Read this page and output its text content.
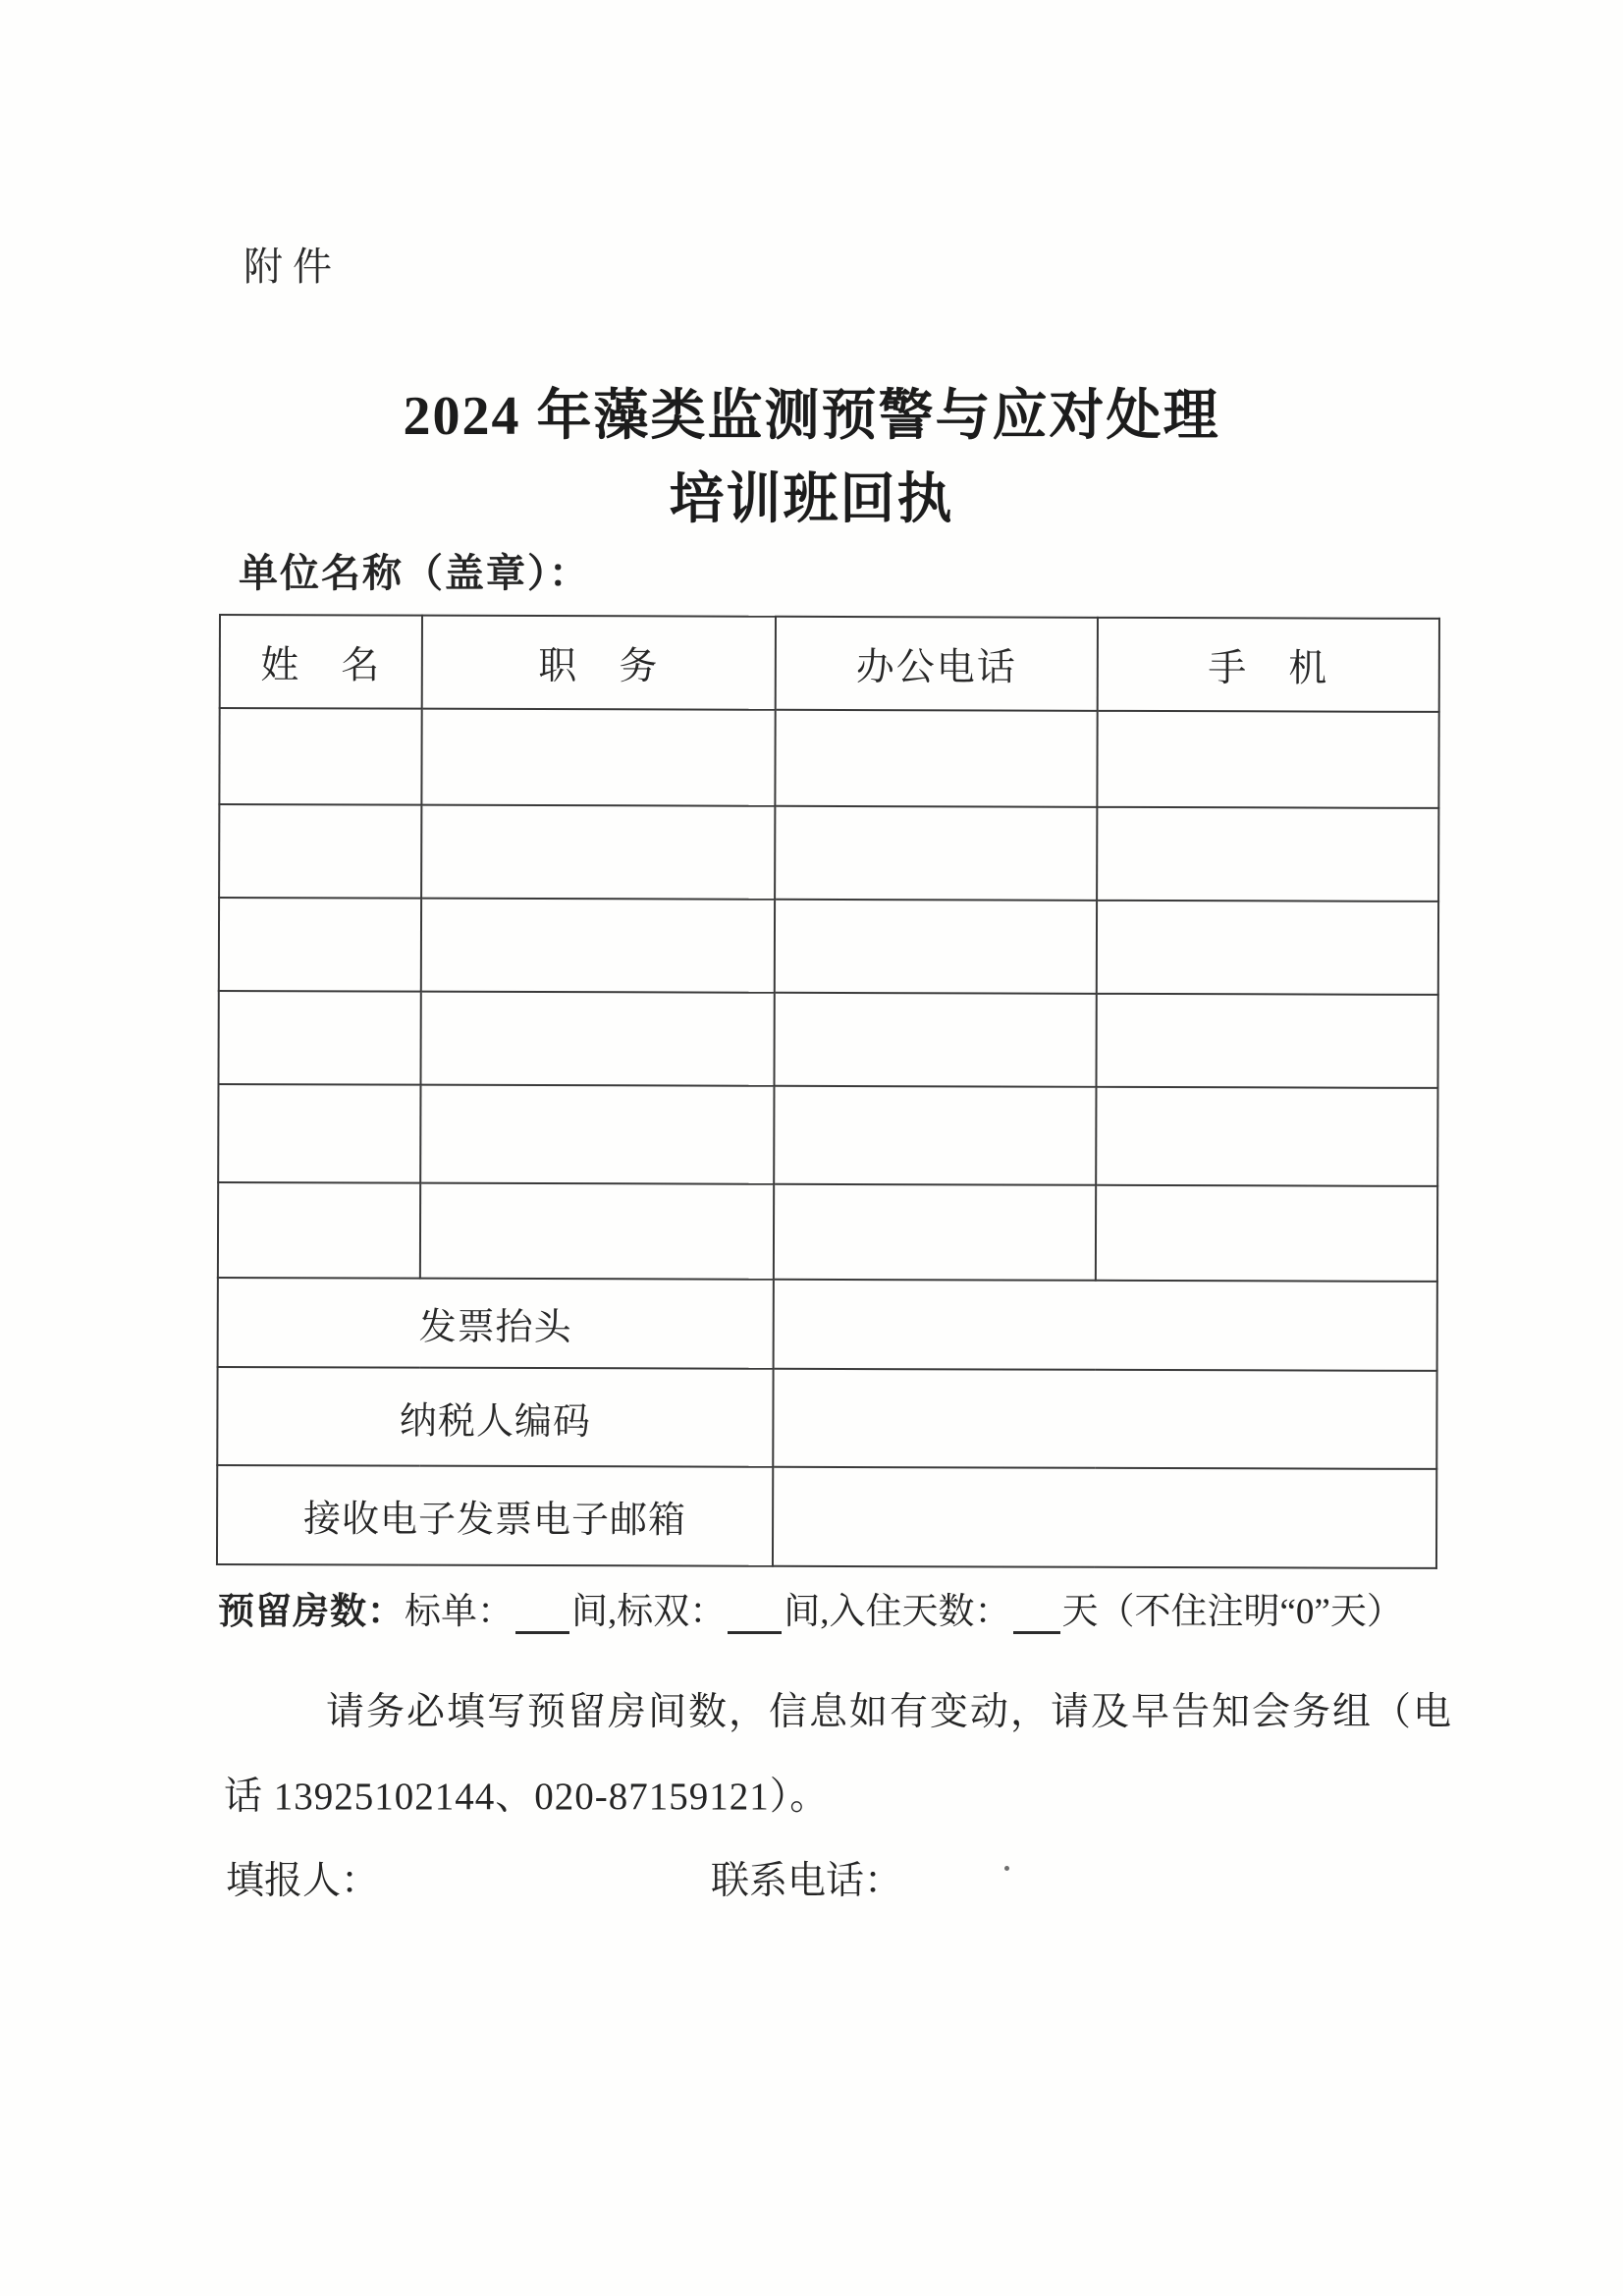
附件
2024 年藻类监测预警与应对处理
培训班回执
单位名称（盖章）：
姓　名	职　务	办公电话	手　机

发票抬头			
纳税人编码			
接收电子发票电子邮箱			
预留房数：标单： 间,标双： 间,入住天数： 天（不住注明“0”天）
请务必填写预留房间数，信息如有变动，请及早告知会务组（电
话 13925102144、020-87159121）。
填报人：	联系电话：
